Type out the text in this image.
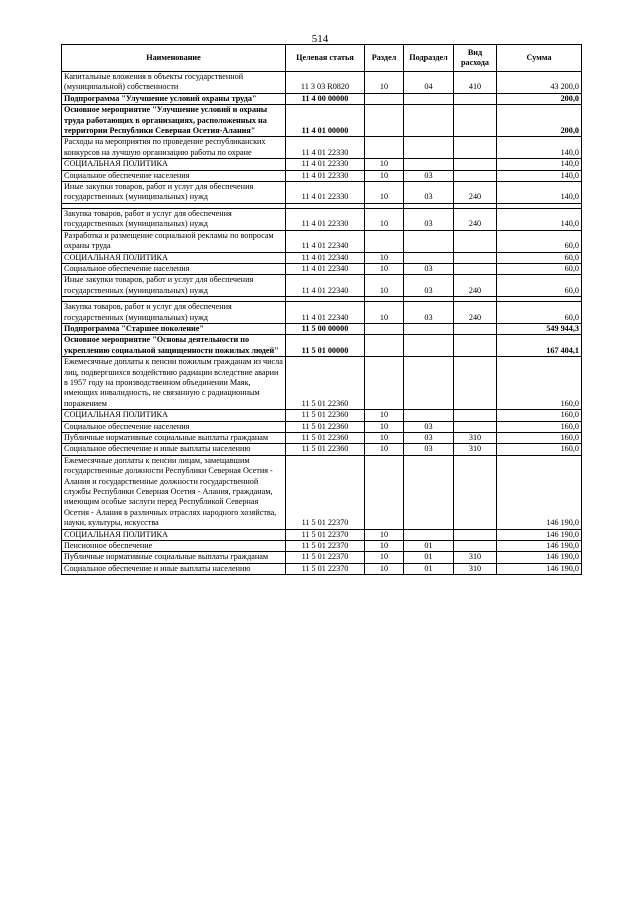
514
Наименование	Целевая статья	Раздел	Подраздел	Вид расхода	Сумма
Капитальные вложения в объекты государственной (муниципальной) собственности	11 3 03 R0820	10	04	410	43 200,0
Подпрограмма "Улучшение условий охраны труда"	11 4 00 00000				200,0
Основное мероприятие "Улучшение условий и охраны труда работающих в организациях, расположенных на территории Республики Северная Осетия-Алания"	11 4 01 00000				200,0
Расходы на мероприятия по проведение республиканских конкурсов на лучшую организацию работы по охране	11 4 01 22330				140,0
СОЦИАЛЬНАЯ ПОЛИТИКА	11 4 01 22330	10			140,0
Социальное обеспечение населения	11 4 01 22330	10	03		140,0
Иные закупки товаров, работ и услуг для обеспечения государственных (муниципальных) нужд	11 4 01 22330	10	03	240	140,0

Закупка товаров, работ и услуг для обеспечения государственных (муниципальных) нужд	11 4 01 22330	10	03	240	140,0
Разработка и размещение социальной рекламы по вопросам охраны труда	11 4 01 22340				60,0
СОЦИАЛЬНАЯ ПОЛИТИКА	11 4 01 22340	10			60,0
Социальное обеспечение населения	11 4 01 22340	10	03		60,0
Иные закупки товаров, работ и услуг для обеспечения государственных (муниципальных) нужд	11 4 01 22340	10	03	240	60,0

Закупка товаров, работ и услуг для обеспечения государственных (муниципальных) нужд	11 4 01 22340	10	03	240	60,0
Подпрограмма "Старшее поколение"	11 5 00 00000				549 944,3
Основное мероприятие "Основы деятельности по укреплению социальной защищенности пожилых людей"	11 5 01 00000				167 404,1
Ежемесячные доплаты к пенсии пожилым гражданам из числа лиц, подвергшихся воздействию радиации вследствие аварии в 1957 году на производственном объединении Маяк, имеющих инвалидность, не связанную с радиационным поражением	11 5 01 22360				160,0
СОЦИАЛЬНАЯ ПОЛИТИКА	11 5 01 22360	10			160,0
Социальное обеспечение населения	11 5 01 22360	10	03		160,0
Публичные нормативные социальные выплаты гражданам	11 5 01 22360	10	03	310	160,0
Социальное обеспечение и иные выплаты населению	11 5 01 22360	10	03	310	160,0
Ежемесячные доплаты к пенсии лицам, замещавшим государственные должности Республики Северная Осетия - Алания и государственные должности государственной службы Республики Северная Осетия - Алания, гражданам, имеющим особые заслуги перед Республикой Северная Осетия - Алания в различных отраслях народного хозяйства, науки, культуры, искусства	11 5 01 22370				146 190,0
СОЦИАЛЬНАЯ ПОЛИТИКА	11 5 01 22370	10			146 190,0
Пенсионное обеспечение	11 5 01 22370	10	01		146 190,0
Публичные нормативные социальные выплаты гражданам	11 5 01 22370	10	01	310	146 190,0
Социальное обеспечение и иные выплаты населению	11 5 01 22370	10	01	310	146 190,0
